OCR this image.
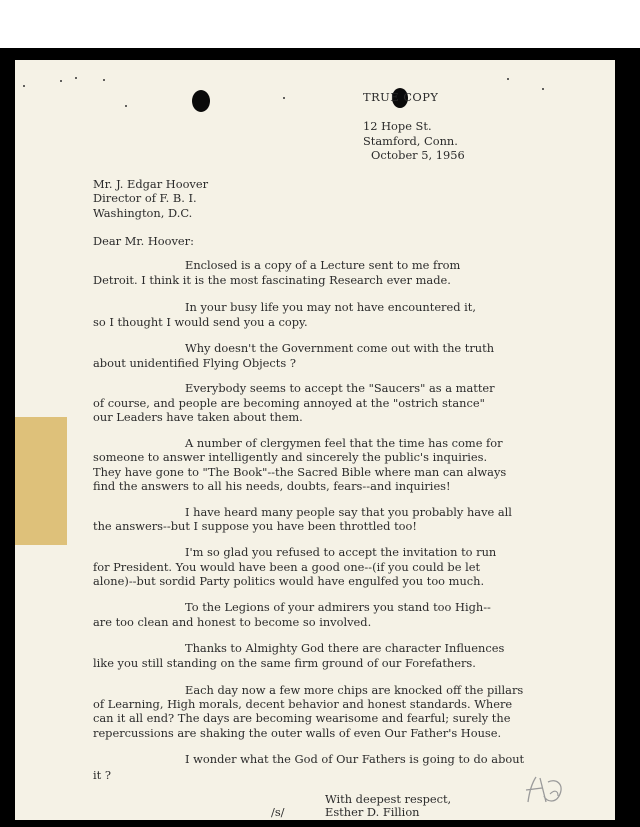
TRUE COPY
12 Hope St.
Stamford, Conn.
October 5, 1956
Mr. J. Edgar Hoover
Director of F. B. I.
Washington, D.C.
Dear Mr. Hoover:
Enclosed is a copy of a Lecture sent to me from
Detroit. I think it is the most fascinating Research ever made.
In your busy life you may not have encountered it,
so I thought I would send you a copy.
Why doesn't the Government come out with the truth
about unidentified Flying Objects ?
Everybody seems to accept the "Saucers" as a matter
of course, and people are becoming annoyed at the "ostrich stance"
our Leaders have taken about them.
A number of clergymen feel that the time has come for
someone to answer intelligently and sincerely the public's inquiries.
They have gone to "The Book"--the Sacred Bible where man can always
find the answers to all his needs, doubts, fears--and inquiries!
I have heard many people say that you probably have all
the answers--but I suppose you have been throttled too!
I'm so glad you refused to accept the invitation to run
for President. You would have been a good one--(if you could be let
alone)--but sordid Party politics would have engulfed you too much.
To the Legions of your admirers you stand too High--
are too clean and honest to become so involved.
Thanks to Almighty God there are character Influences
like you still standing on the same firm ground of our Forefathers.
Each day now a few more chips are knocked off the pillars
of Learning, High morals, decent behavior and honest standards. Where
can it all end? The days are becoming wearisome and fearful; surely the
repercussions are shaking the outer walls of even Our Father's House.
I wonder what the God of Our Fathers is going to do about
it ?
With deepest respect,
/s/	Esther D. Fillion
